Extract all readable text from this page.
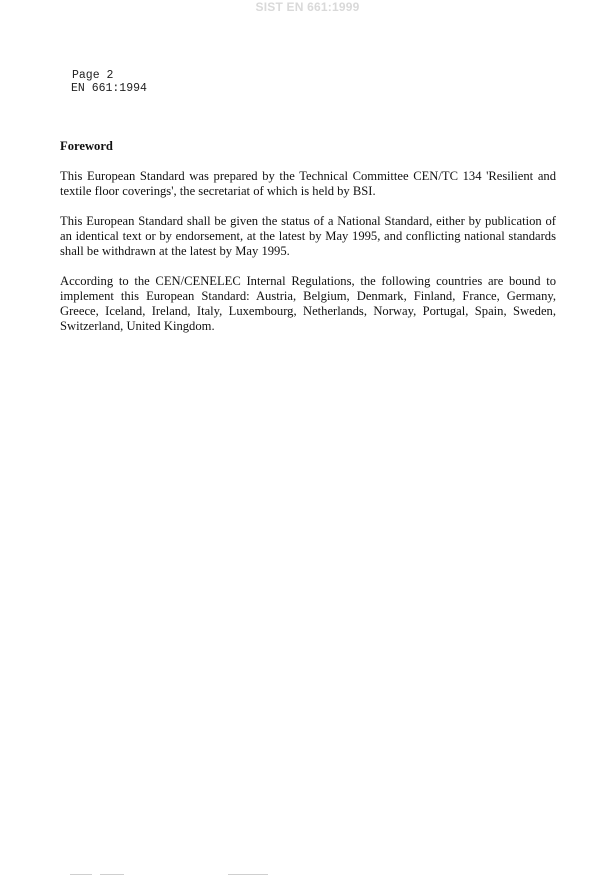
SIST EN 661:1999
Page 2
EN 661:1994
Foreword

This European Standard was prepared by the Technical Committee CEN/TC 134 'Resilient and textile floor coverings', the secretariat of which is held by BSI.

This European Standard shall be given the status of a National Standard, either by publication of an identical text or by endorsement, at the latest by May 1995, and conflicting national standards shall be withdrawn at the latest by May 1995.

According to the CEN/CENELEC Internal Regulations, the following countries are bound to implement this European Standard: Austria, Belgium, Denmark, Finland, France, Germany, Greece, Iceland, Ireland, Italy, Luxembourg, Netherlands, Norway, Portugal, Spain, Sweden, Switzerland, United Kingdom.
